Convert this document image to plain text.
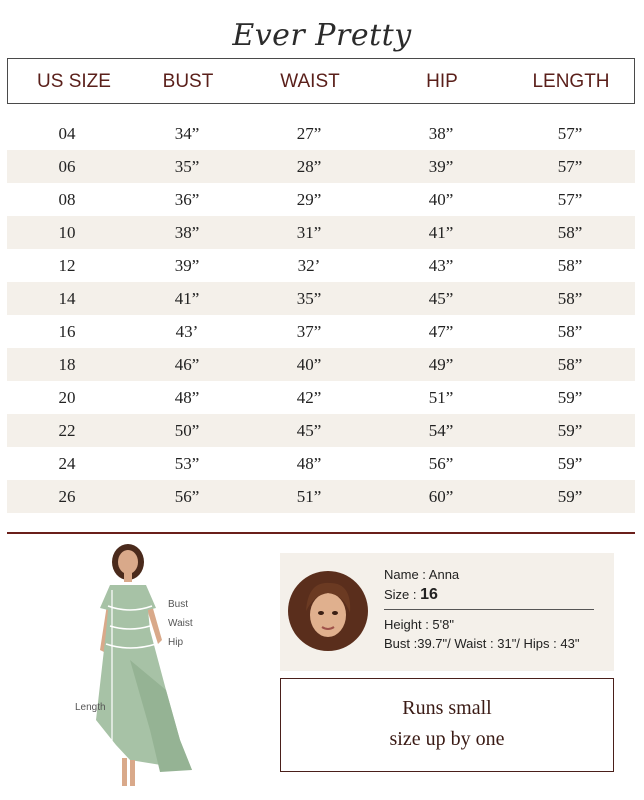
Ever Pretty
US SIZE	BUST	WAIST	HIP	LENGTH
04	34”	27”	38”	57”
06	35”	28”	39”	57”
08	36”	29”	40”	57”
10	38”	31”	41”	58”
12	39”	32’	43”	58”
14	41”	35”	45”	58”
16	43’	37”	47”	58”
18	46”	40”	49”	58”
20	48”	42”	51”	59”
22	50”	45”	54”	59”
24	53”	48”	56”	59”
26	56”	51”	60”	59”
Bust
Waist
Hip
Length
Name : Anna
Size : 16
Height : 5'8"
Bust :39.7"/ Waist : 31"/ Hips : 43"
Runs small
size up by one
